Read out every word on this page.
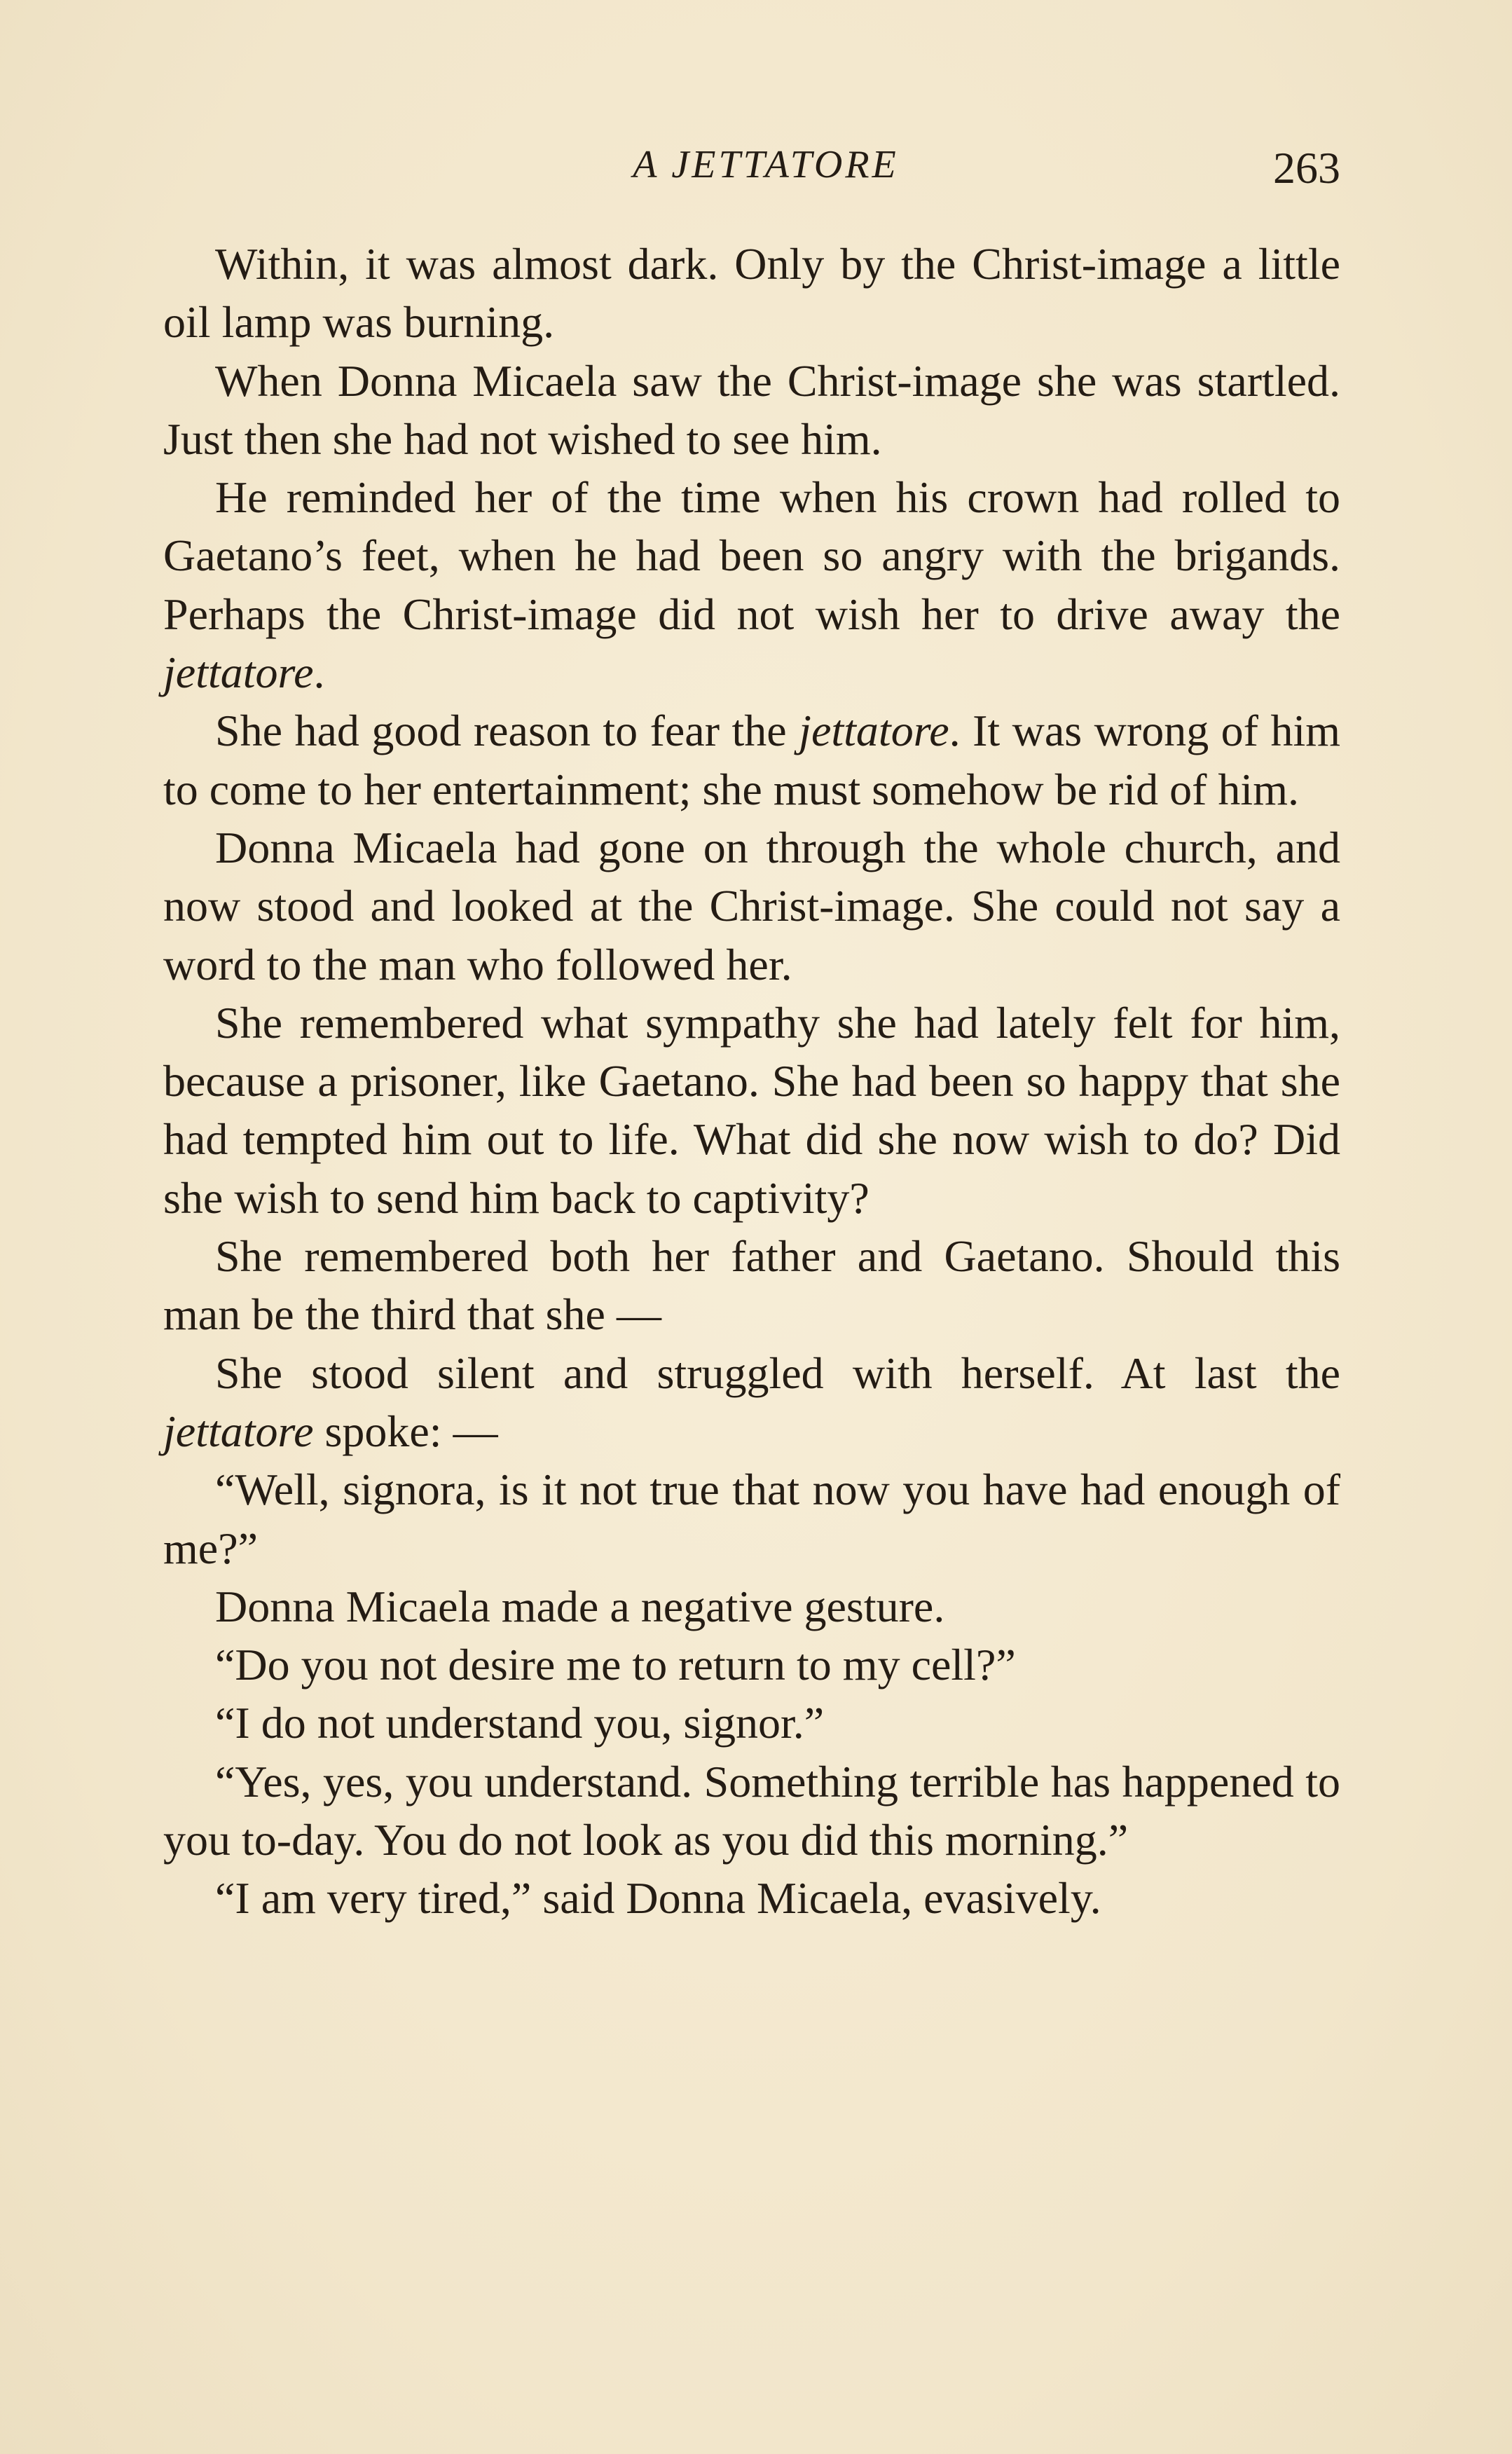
A JETTATORE	263

Within, it was almost dark. Only by the Christ-image a little oil lamp was burning.

When Donna Micaela saw the Christ-image she was startled. Just then she had not wished to see him.

He reminded her of the time when his crown had rolled to Gaetano’s feet, when he had been so angry with the brigands. Perhaps the Christ-image did not wish her to drive away the jettatore.

She had good reason to fear the jettatore. It was wrong of him to come to her entertainment; she must somehow be rid of him.

Donna Micaela had gone on through the whole church, and now stood and looked at the Christ-image. She could not say a word to the man who followed her.

She remembered what sympathy she had lately felt for him, because a prisoner, like Gaetano. She had been so happy that she had tempted him out to life. What did she now wish to do? Did she wish to send him back to captivity?

She remembered both her father and Gaetano. Should this man be the third that she —

She stood silent and struggled with herself. At last the jettatore spoke: —

“Well, signora, is it not true that now you have had enough of me?”

Donna Micaela made a negative gesture.

“Do you not desire me to return to my cell?”

“I do not understand you, signor.”

“Yes, yes, you understand. Something terrible has happened to you to-day. You do not look as you did this morning.”

“I am very tired,” said Donna Micaela, evasively.
